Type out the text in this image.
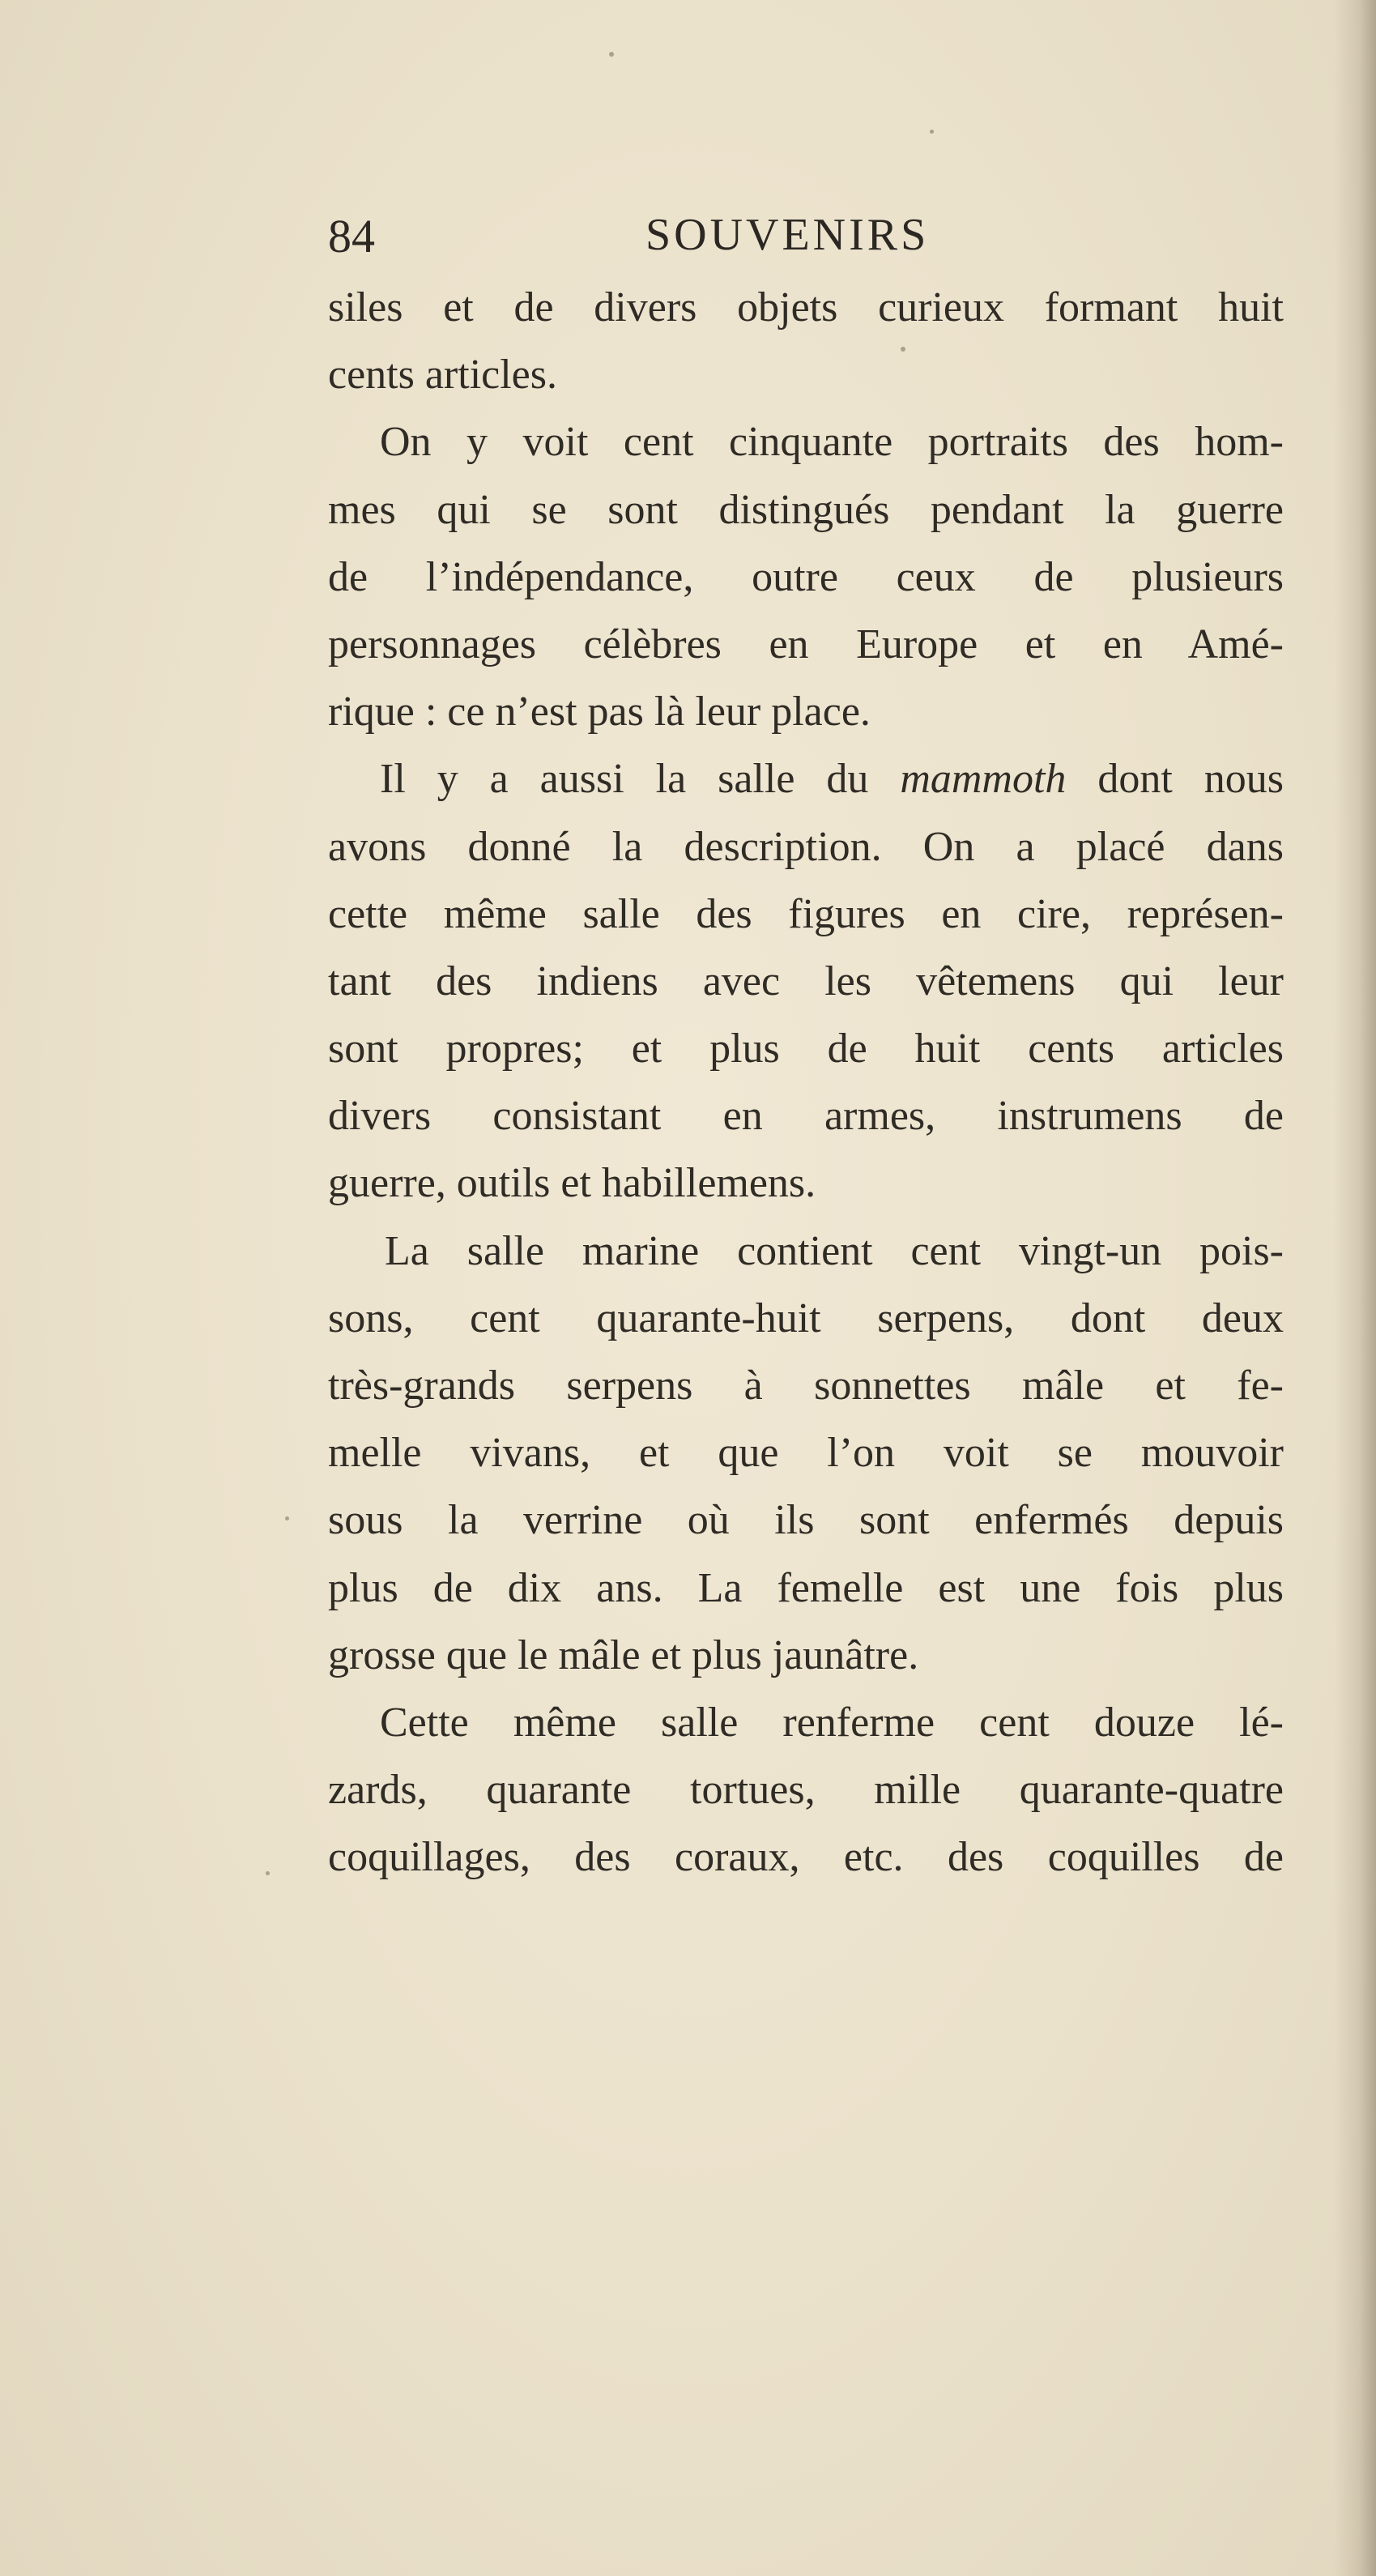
84	SOUVENIRS
siles et de divers objets curieux formant huit
cents articles.
On y voit cent cinquante portraits des hom-
mes qui se sont distingués pendant la guerre
de l’indépendance, outre ceux de plusieurs
personnages célèbres en Europe et en Amé-
rique : ce n’est pas là leur place.
Il y a aussi la salle du mammoth dont nous
avons donné la description. On a placé dans
cette même salle des figures en cire, représen-
tant des indiens avec les vêtemens qui leur
sont propres; et plus de huit cents articles
divers consistant en armes, instrumens de
guerre, outils et habillemens.
La salle marine contient cent vingt-un pois-
sons, cent quarante-huit serpens, dont deux
très-grands serpens à sonnettes mâle et fe-
melle vivans, et que l’on voit se mouvoir
sous la verrine où ils sont enfermés depuis
plus de dix ans. La femelle est une fois plus
grosse que le mâle et plus jaunâtre.
Cette même salle renferme cent douze lé-
zards, quarante tortues, mille quarante-quatre
coquillages, des coraux, etc. des coquilles de
